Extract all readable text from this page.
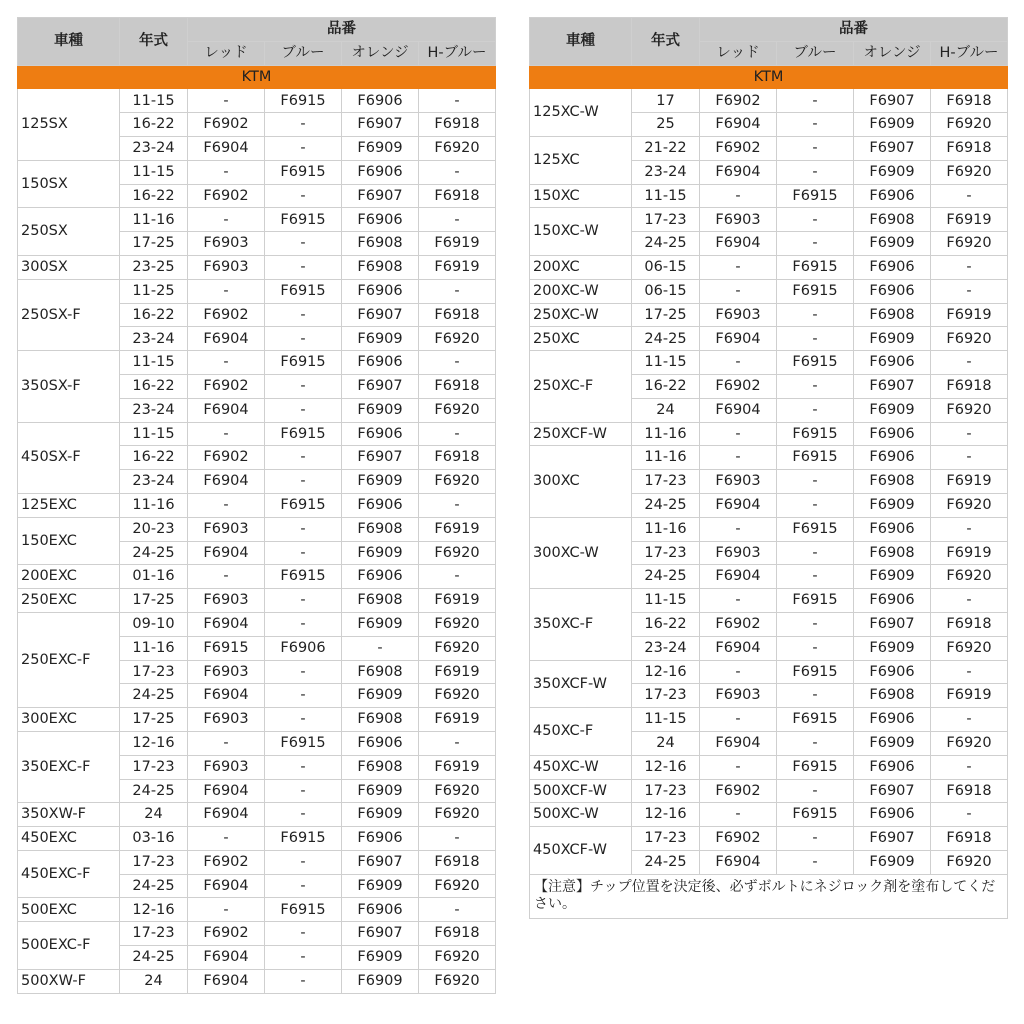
車種	年式	品番			
		レッド	ブルー	オレンジ	H-ブルー
KTM					
125SX	11-15	-	F6915	F6906	-
	16-22	F6902	-	F6907	F6918
	23-24	F6904	-	F6909	F6920
150SX	11-15	-	F6915	F6906	-
	16-22	F6902	-	F6907	F6918
250SX	11-16	-	F6915	F6906	-
	17-25	F6903	-	F6908	F6919
300SX	23-25	F6903	-	F6908	F6919
250SX-F	11-25	-	F6915	F6906	-
	16-22	F6902	-	F6907	F6918
	23-24	F6904	-	F6909	F6920
350SX-F	11-15	-	F6915	F6906	-
	16-22	F6902	-	F6907	F6918
	23-24	F6904	-	F6909	F6920
450SX-F	11-15	-	F6915	F6906	-
	16-22	F6902	-	F6907	F6918
	23-24	F6904	-	F6909	F6920
125EXC	11-16	-	F6915	F6906	-
150EXC	20-23	F6903	-	F6908	F6919
	24-25	F6904	-	F6909	F6920
200EXC	01-16	-	F6915	F6906	-
250EXC	17-25	F6903	-	F6908	F6919
250EXC-F	09-10	F6904	-	F6909	F6920
	11-16	F6915	F6906	-	F6920
	17-23	F6903	-	F6908	F6919
	24-25	F6904	-	F6909	F6920
300EXC	17-25	F6903	-	F6908	F6919
350EXC-F	12-16	-	F6915	F6906	-
	17-23	F6903	-	F6908	F6919
	24-25	F6904	-	F6909	F6920
350XW-F	24	F6904	-	F6909	F6920
450EXC	03-16	-	F6915	F6906	-
450EXC-F	17-23	F6902	-	F6907	F6918
	24-25	F6904	-	F6909	F6920
500EXC	12-16	-	F6915	F6906	-
500EXC-F	17-23	F6902	-	F6907	F6918
	24-25	F6904	-	F6909	F6920
500XW-F	24	F6904	-	F6909	F6920
車種	年式	品番			
		レッド	ブルー	オレンジ	H-ブルー
KTM					
125XC-W	17	F6902	-	F6907	F6918
	25	F6904	-	F6909	F6920
125XC	21-22	F6902	-	F6907	F6918
	23-24	F6904	-	F6909	F6920
150XC	11-15	-	F6915	F6906	-
150XC-W	17-23	F6903	-	F6908	F6919
	24-25	F6904	-	F6909	F6920
200XC	06-15	-	F6915	F6906	-
200XC-W	06-15	-	F6915	F6906	-
250XC-W	17-25	F6903	-	F6908	F6919
250XC	24-25	F6904	-	F6909	F6920
250XC-F	11-15	-	F6915	F6906	-
	16-22	F6902	-	F6907	F6918
	24	F6904	-	F6909	F6920
250XCF-W	11-16	-	F6915	F6906	-
300XC	11-16	-	F6915	F6906	-
	17-23	F6903	-	F6908	F6919
	24-25	F6904	-	F6909	F6920
300XC-W	11-16	-	F6915	F6906	-
	17-23	F6903	-	F6908	F6919
	24-25	F6904	-	F6909	F6920
350XC-F	11-15	-	F6915	F6906	-
	16-22	F6902	-	F6907	F6918
	23-24	F6904	-	F6909	F6920
350XCF-W	12-16	-	F6915	F6906	-
	17-23	F6903	-	F6908	F6919
450XC-F	11-15	-	F6915	F6906	-
	24	F6904	-	F6909	F6920
450XC-W	12-16	-	F6915	F6906	-
500XCF-W	17-23	F6902	-	F6907	F6918
500XC-W	12-16	-	F6915	F6906	-
450XCF-W	17-23	F6902	-	F6907	F6918
	24-25	F6904	-	F6909	F6920
【注意】チップ位置を決定後、必ずボルトにネジロック剤を塗布してください。					
